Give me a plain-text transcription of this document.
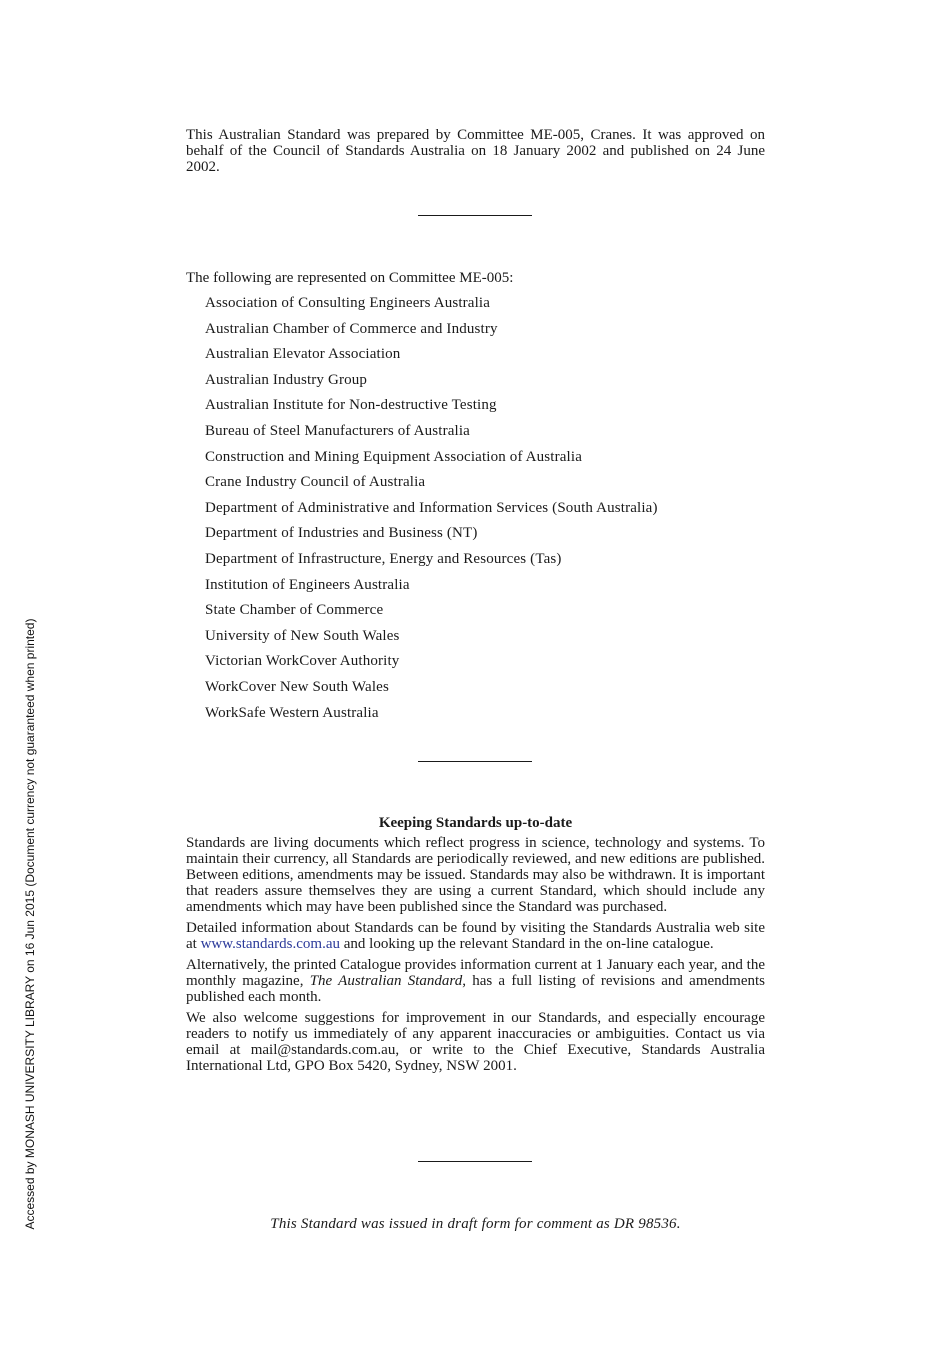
Accessed by MONASH UNIVERSITY LIBRARY on 16 Jun 2015 (Document currency not guaranteed when printed)
This Australian Standard was prepared by Committee ME-005, Cranes. It was approved on behalf of the Council of Standards Australia on 18 January 2002 and published on 24 June 2002.
The following are represented on Committee ME-005:
Association of Consulting Engineers Australia
Australian Chamber of Commerce and Industry
Australian Elevator Association
Australian Industry Group
Australian Institute for Non-destructive Testing
Bureau of Steel Manufacturers of Australia
Construction and Mining Equipment Association of Australia
Crane Industry Council of Australia
Department of Administrative and Information Services (South Australia)
Department of Industries and Business (NT)
Department of Infrastructure, Energy and Resources (Tas)
Institution of Engineers Australia
State Chamber of Commerce
University of New South Wales
Victorian WorkCover Authority
WorkCover New South Wales
WorkSafe Western Australia
Keeping Standards up-to-date

Standards are living documents which reflect progress in science, technology and systems. To maintain their currency, all Standards are periodically reviewed, and new editions are published. Between editions, amendments may be issued. Standards may also be withdrawn. It is important that readers assure themselves they are using a current Standard, which should include any amendments which may have been published since the Standard was purchased.

Detailed information about Standards can be found by visiting the Standards Australia web site at www.standards.com.au and looking up the relevant Standard in the on-line catalogue.

Alternatively, the printed Catalogue provides information current at 1 January each year, and the monthly magazine, The Australian Standard, has a full listing of revisions and amendments published each month.

We also welcome suggestions for improvement in our Standards, and especially encourage readers to notify us immediately of any apparent inaccuracies or ambiguities. Contact us via email at mail@standards.com.au, or write to the Chief Executive, Standards Australia International Ltd, GPO Box 5420, Sydney, NSW 2001.

This Standard was issued in draft form for comment as DR 98536.
